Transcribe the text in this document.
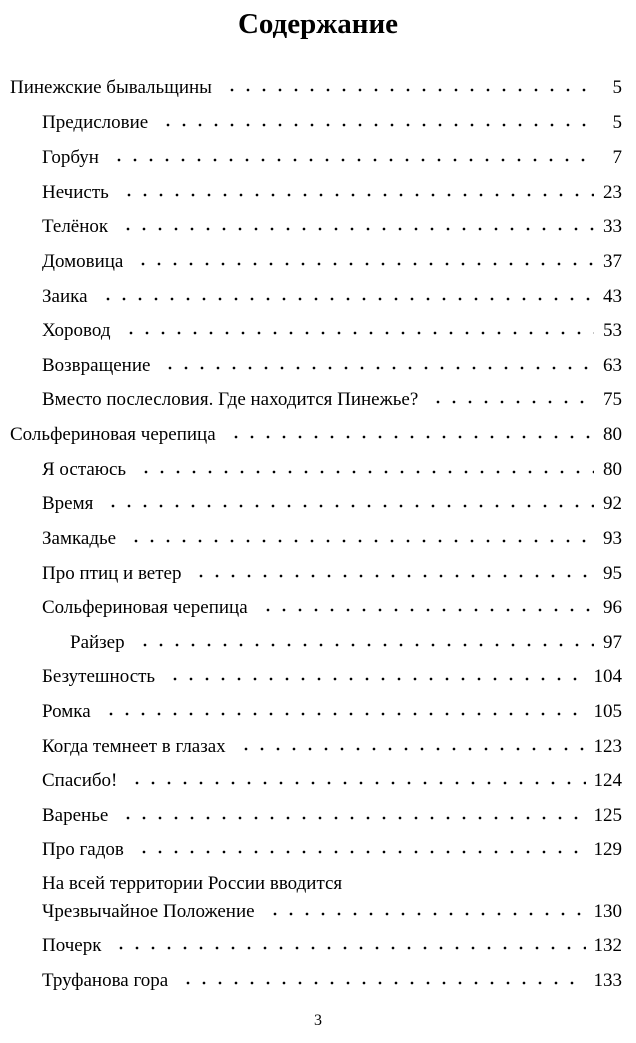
Содержание
Пинежские бывальщины	5
Предисловие	5
Горбун	7
Нечисть	23
Телёнок	33
Домовица	37
Заика	43
Хоровод	53
Возвращение	63
Вместо послесловия. Где находится Пинежье?	75
Сольфериновая черепица	80
Я остаюсь	80
Время	92
Замкадье	93
Про птиц и ветер	95
Сольфериновая черепица	96
Райзер	97
Безутешность	104
Ромка	105
Когда темнеет в глазах	123
Спасибо!	124
Варенье	125
Про гадов	129
На всей территории России вводится
Чрезвычайное Положение	130
Почерк	132
Труфанова гора	133
3
